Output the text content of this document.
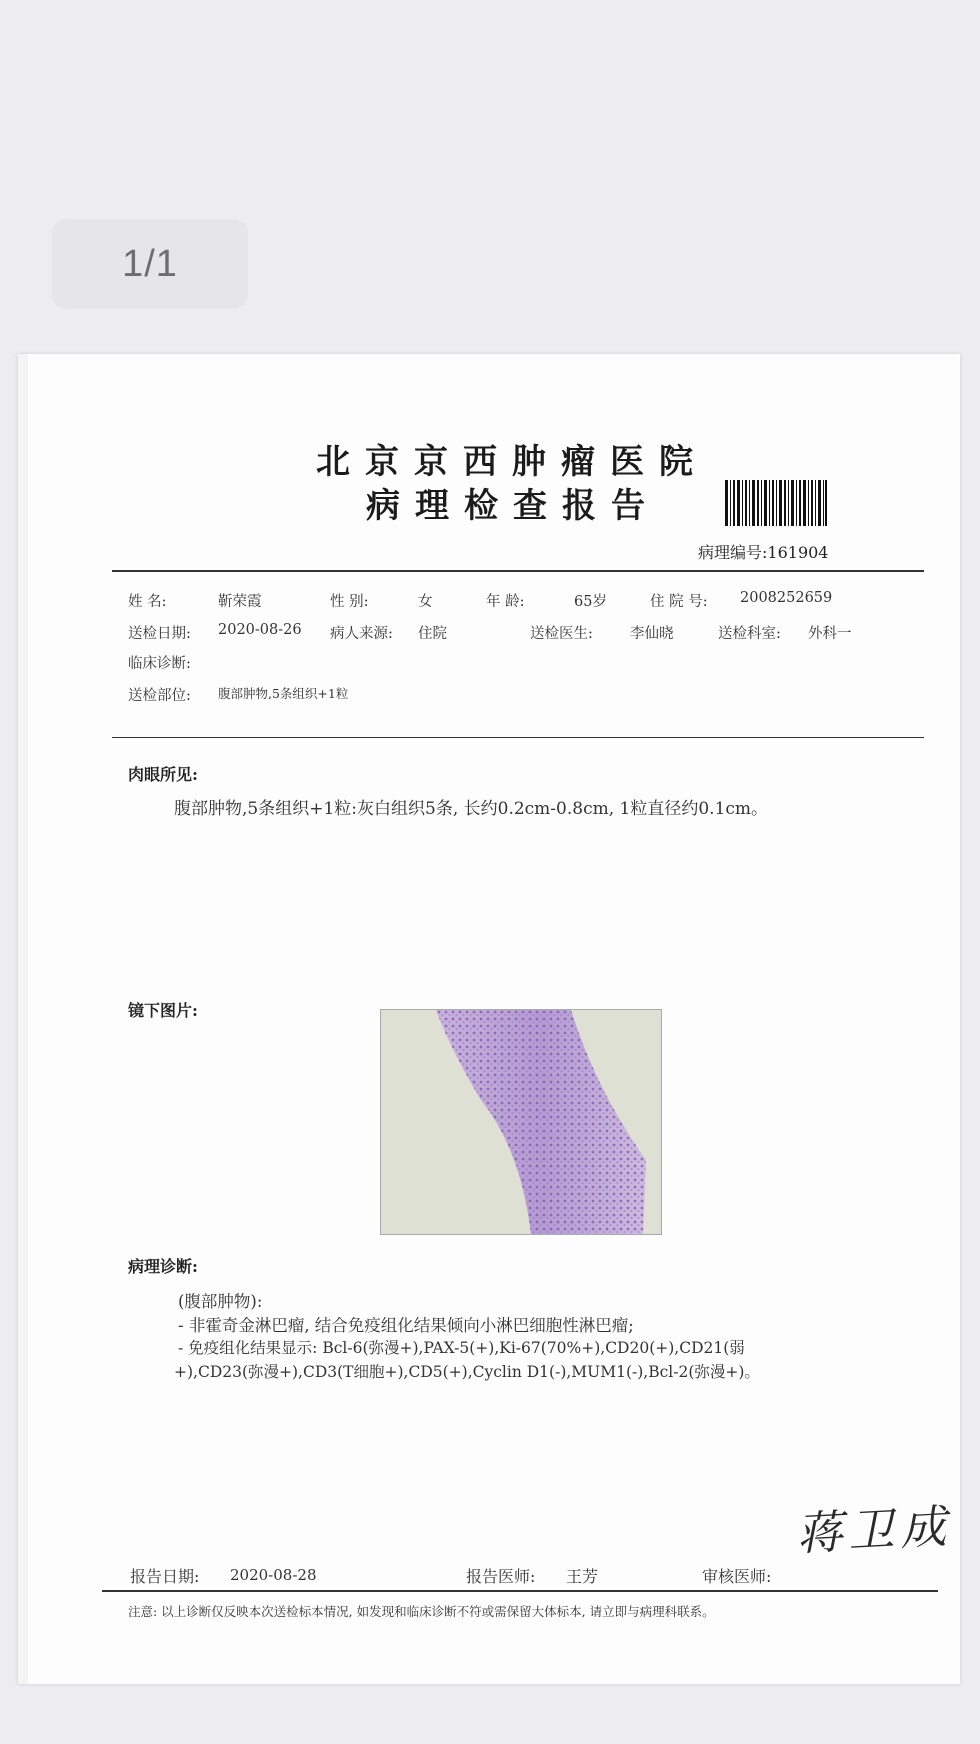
1/1
北京京西肿瘤医院
病理检查报告
病理编号:161904
姓 名:	靳荣霞	性 别:	女	年 龄:	65岁	住 院 号: 2008252659
送检日期: 2020-08-26 病人来源: 住院	送检医生:	李仙晓	送检科室: 外科一
临床诊断:
送检部位: 腹部肿物,5条组织+1粒
肉眼所见:
腹部肿物,5条组织+1粒:灰白组织5条, 长约0.2cm-0.8cm, 1粒直径约0.1cm。
镜下图片:
病理诊断:
(腹部肿物):
- 非霍奇金淋巴瘤, 结合免疫组化结果倾向小淋巴细胞性淋巴瘤;
- 免疫组化结果显示: Bcl-6(弥漫+),PAX-5(+),Ki-67(70%+),CD20(+),CD21(弱
+),CD23(弥漫+),CD3(T细胞+),CD5(+),Cyclin D1(-),MUM1(-),Bcl-2(弥漫+)。
蒋卫成
报告日期: 2020-08-28	报告医师: 王芳	审核医师:
注意: 以上诊断仅反映本次送检标本情况, 如发现和临床诊断不符或需保留大体标本, 请立即与病理科联系。
